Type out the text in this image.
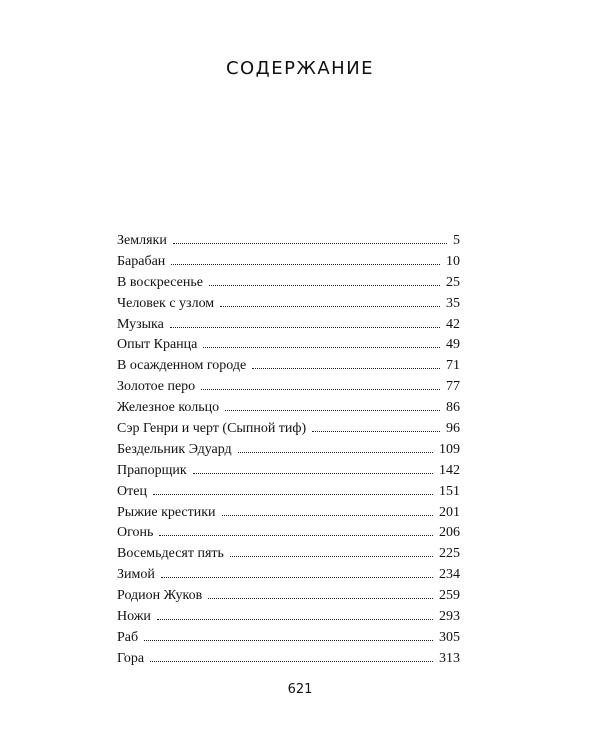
СОДЕРЖАНИЕ
Земляки	5
Барабан	10
В воскресенье	25
Человек с узлом	35
Музыка	42
Опыт Кранца	49
В осажденном городе	71
Золотое перо	77
Железное кольцо	86
Сэр Генри и черт (Сыпной тиф)	96
Бездельник Эдуард	109
Прапорщик	142
Отец	151
Рыжие крестики	201
Огонь	206
Восемьдесят пять	225
Зимой	234
Родион Жуков	259
Ножи	293
Раб	305
Гора	313
621
